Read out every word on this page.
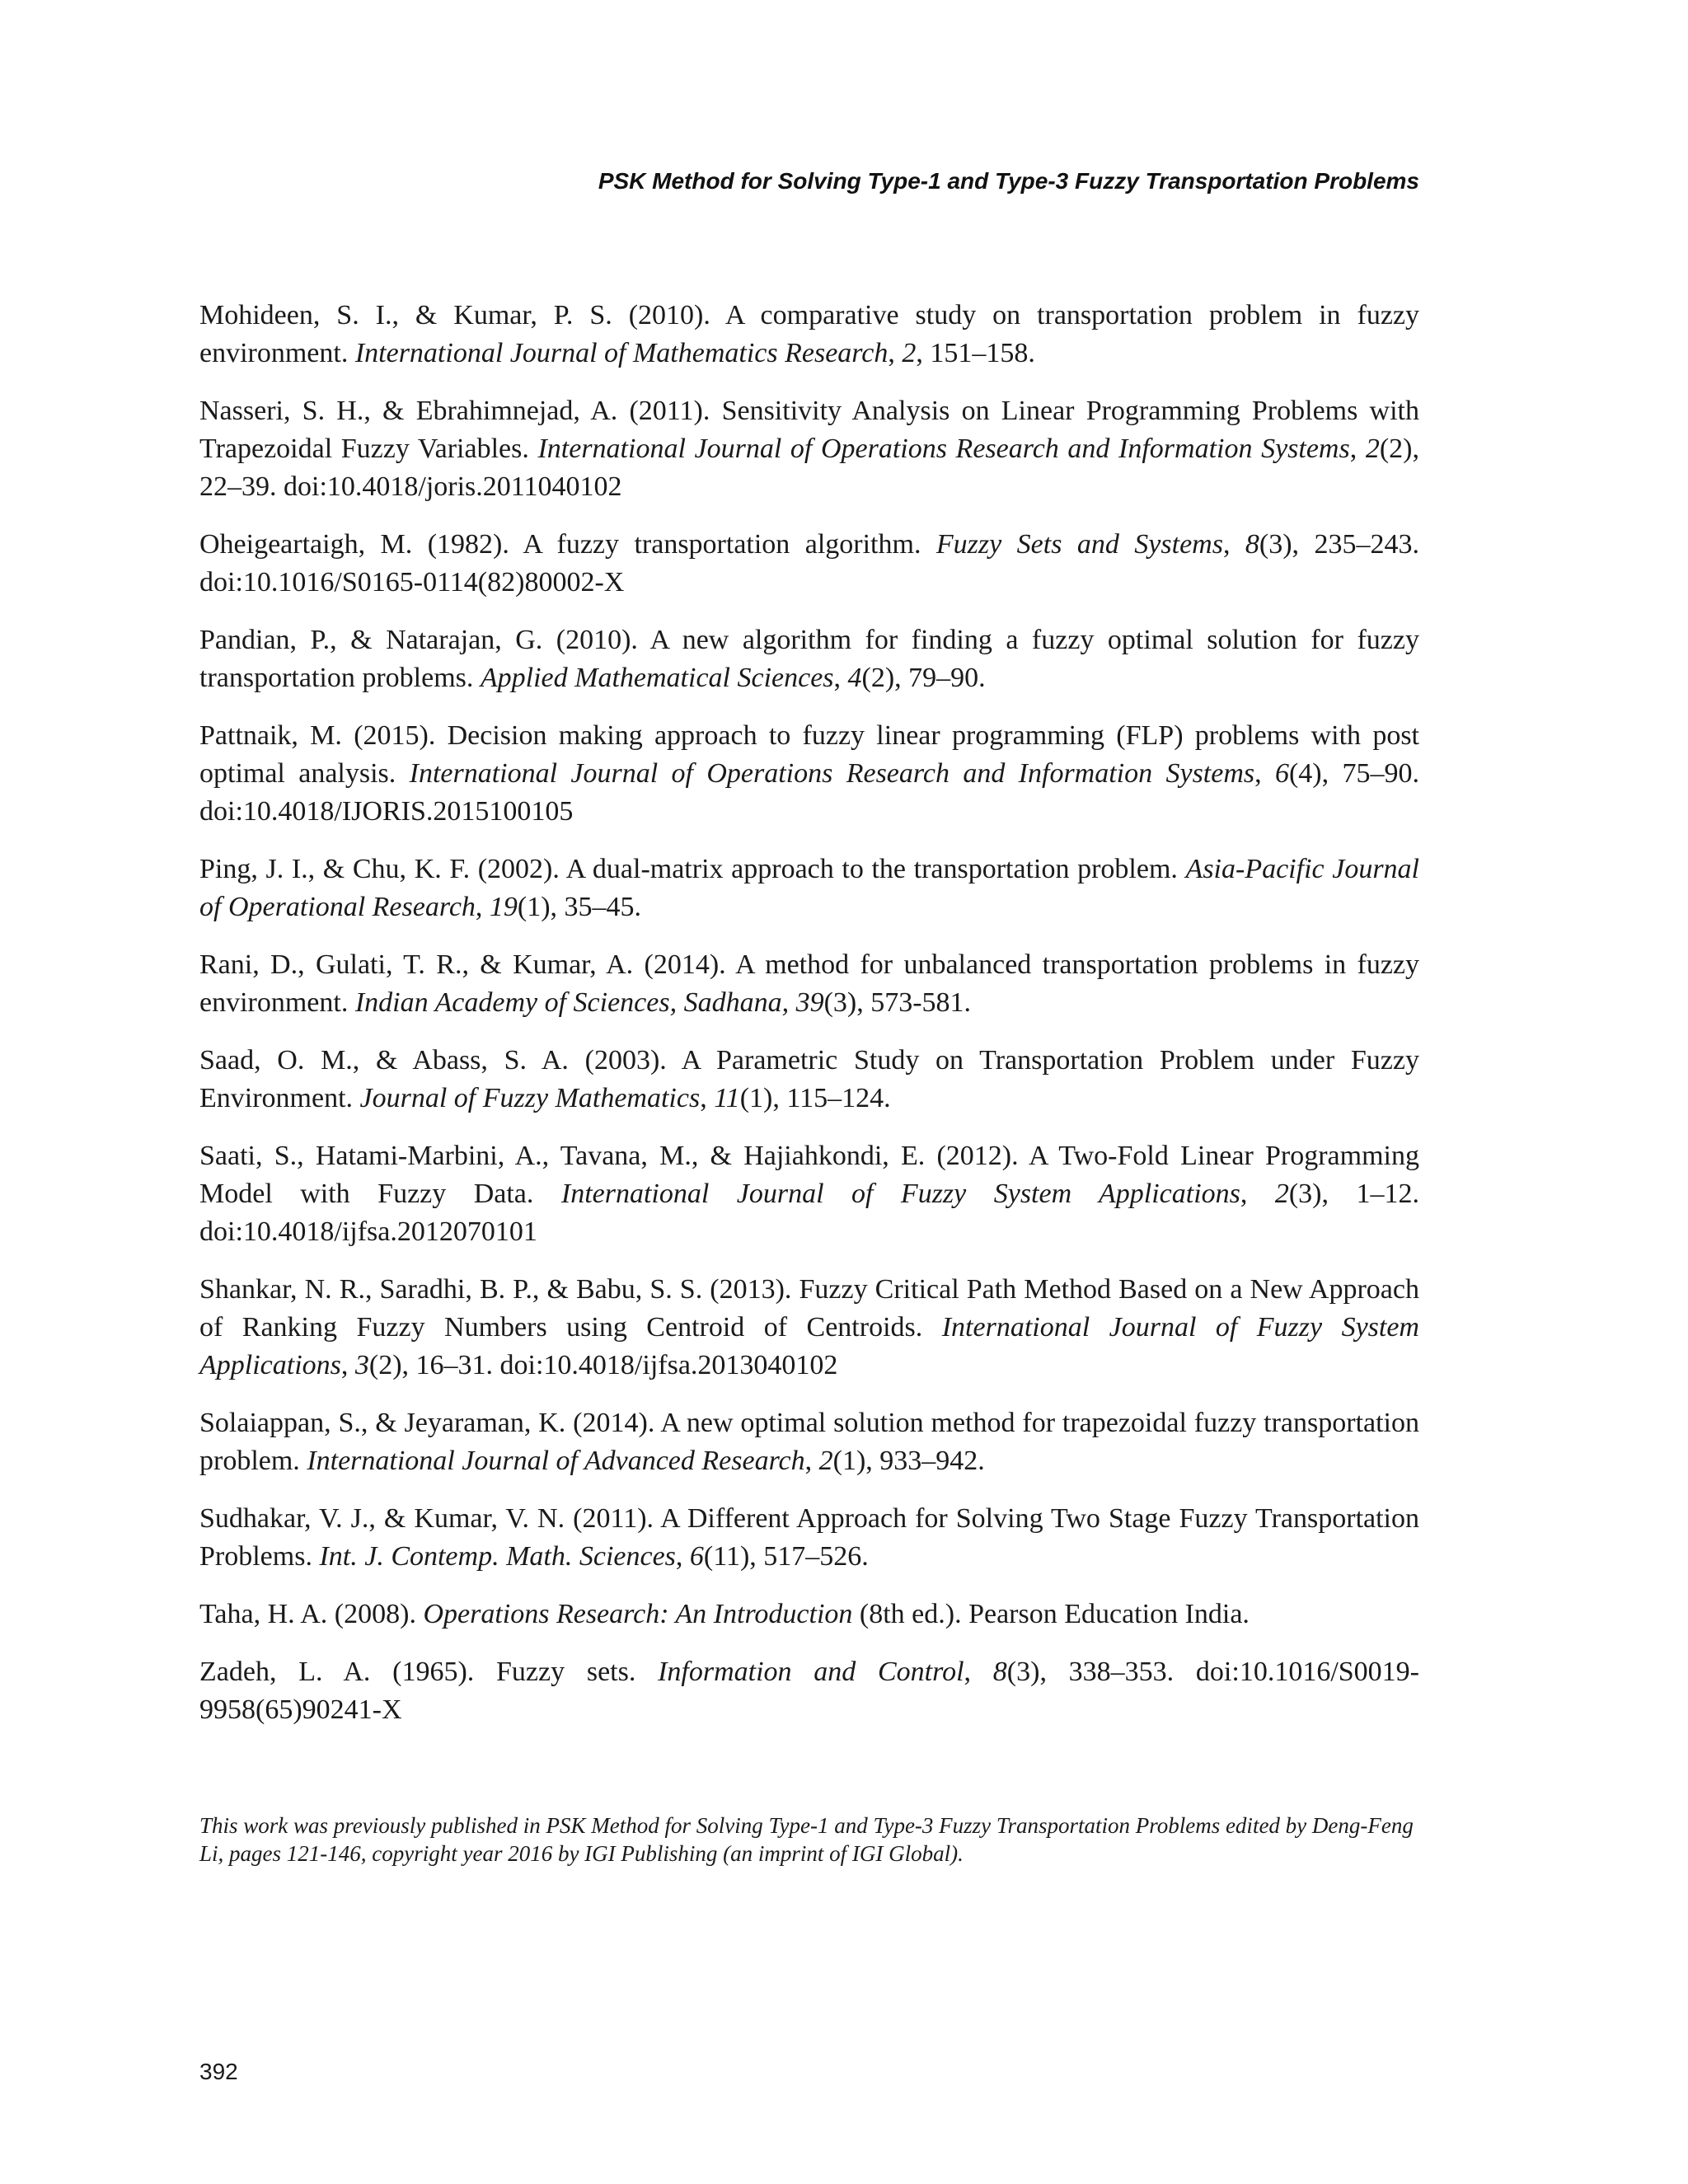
PSK Method for Solving Type-1 and Type-3 Fuzzy Transportation Problems

Mohideen, S. I., & Kumar, P. S. (2010). A comparative study on transportation problem in fuzzy environment. International Journal of Mathematics Research, 2, 151–158.

Nasseri, S. H., & Ebrahimnejad, A. (2011). Sensitivity Analysis on Linear Programming Problems with Trapezoidal Fuzzy Variables. International Journal of Operations Research and Information Systems, 2(2), 22–39. doi:10.4018/joris.2011040102

Oheigeartaigh, M. (1982). A fuzzy transportation algorithm. Fuzzy Sets and Systems, 8(3), 235–243. doi:10.1016/S0165-0114(82)80002-X

Pandian, P., & Natarajan, G. (2010). A new algorithm for finding a fuzzy optimal solution for fuzzy transportation problems. Applied Mathematical Sciences, 4(2), 79–90.

Pattnaik, M. (2015). Decision making approach to fuzzy linear programming (FLP) problems with post optimal analysis. International Journal of Operations Research and Information Systems, 6(4), 75–90. doi:10.4018/IJORIS.2015100105

Ping, J. I., & Chu, K. F. (2002). A dual-matrix approach to the transportation problem. Asia-Pacific Journal of Operational Research, 19(1), 35–45.

Rani, D., Gulati, T. R., & Kumar, A. (2014). A method for unbalanced transportation problems in fuzzy environment. Indian Academy of Sciences, Sadhana, 39(3), 573-581.

Saad, O. M., & Abass, S. A. (2003). A Parametric Study on Transportation Problem under Fuzzy Environment. Journal of Fuzzy Mathematics, 11(1), 115–124.

Saati, S., Hatami-Marbini, A., Tavana, M., & Hajiahkondi, E. (2012). A Two-Fold Linear Programming Model with Fuzzy Data. International Journal of Fuzzy System Applications, 2(3), 1–12. doi:10.4018/ijfsa.2012070101

Shankar, N. R., Saradhi, B. P., & Babu, S. S. (2013). Fuzzy Critical Path Method Based on a New Approach of Ranking Fuzzy Numbers using Centroid of Centroids. International Journal of Fuzzy System Applications, 3(2), 16–31. doi:10.4018/ijfsa.2013040102

Solaiappan, S., & Jeyaraman, K. (2014). A new optimal solution method for trapezoidal fuzzy transportation problem. International Journal of Advanced Research, 2(1), 933–942.

Sudhakar, V. J., & Kumar, V. N. (2011). A Different Approach for Solving Two Stage Fuzzy Transportation Problems. Int. J. Contemp. Math. Sciences, 6(11), 517–526.

Taha, H. A. (2008). Operations Research: An Introduction (8th ed.). Pearson Education India.

Zadeh, L. A. (1965). Fuzzy sets. Information and Control, 8(3), 338–353. doi:10.1016/S0019-9958(65)90241-X

This work was previously published in PSK Method for Solving Type-1 and Type-3 Fuzzy Transportation Problems edited by Deng-Feng Li, pages 121-146, copyright year 2016 by IGI Publishing (an imprint of IGI Global).
392
